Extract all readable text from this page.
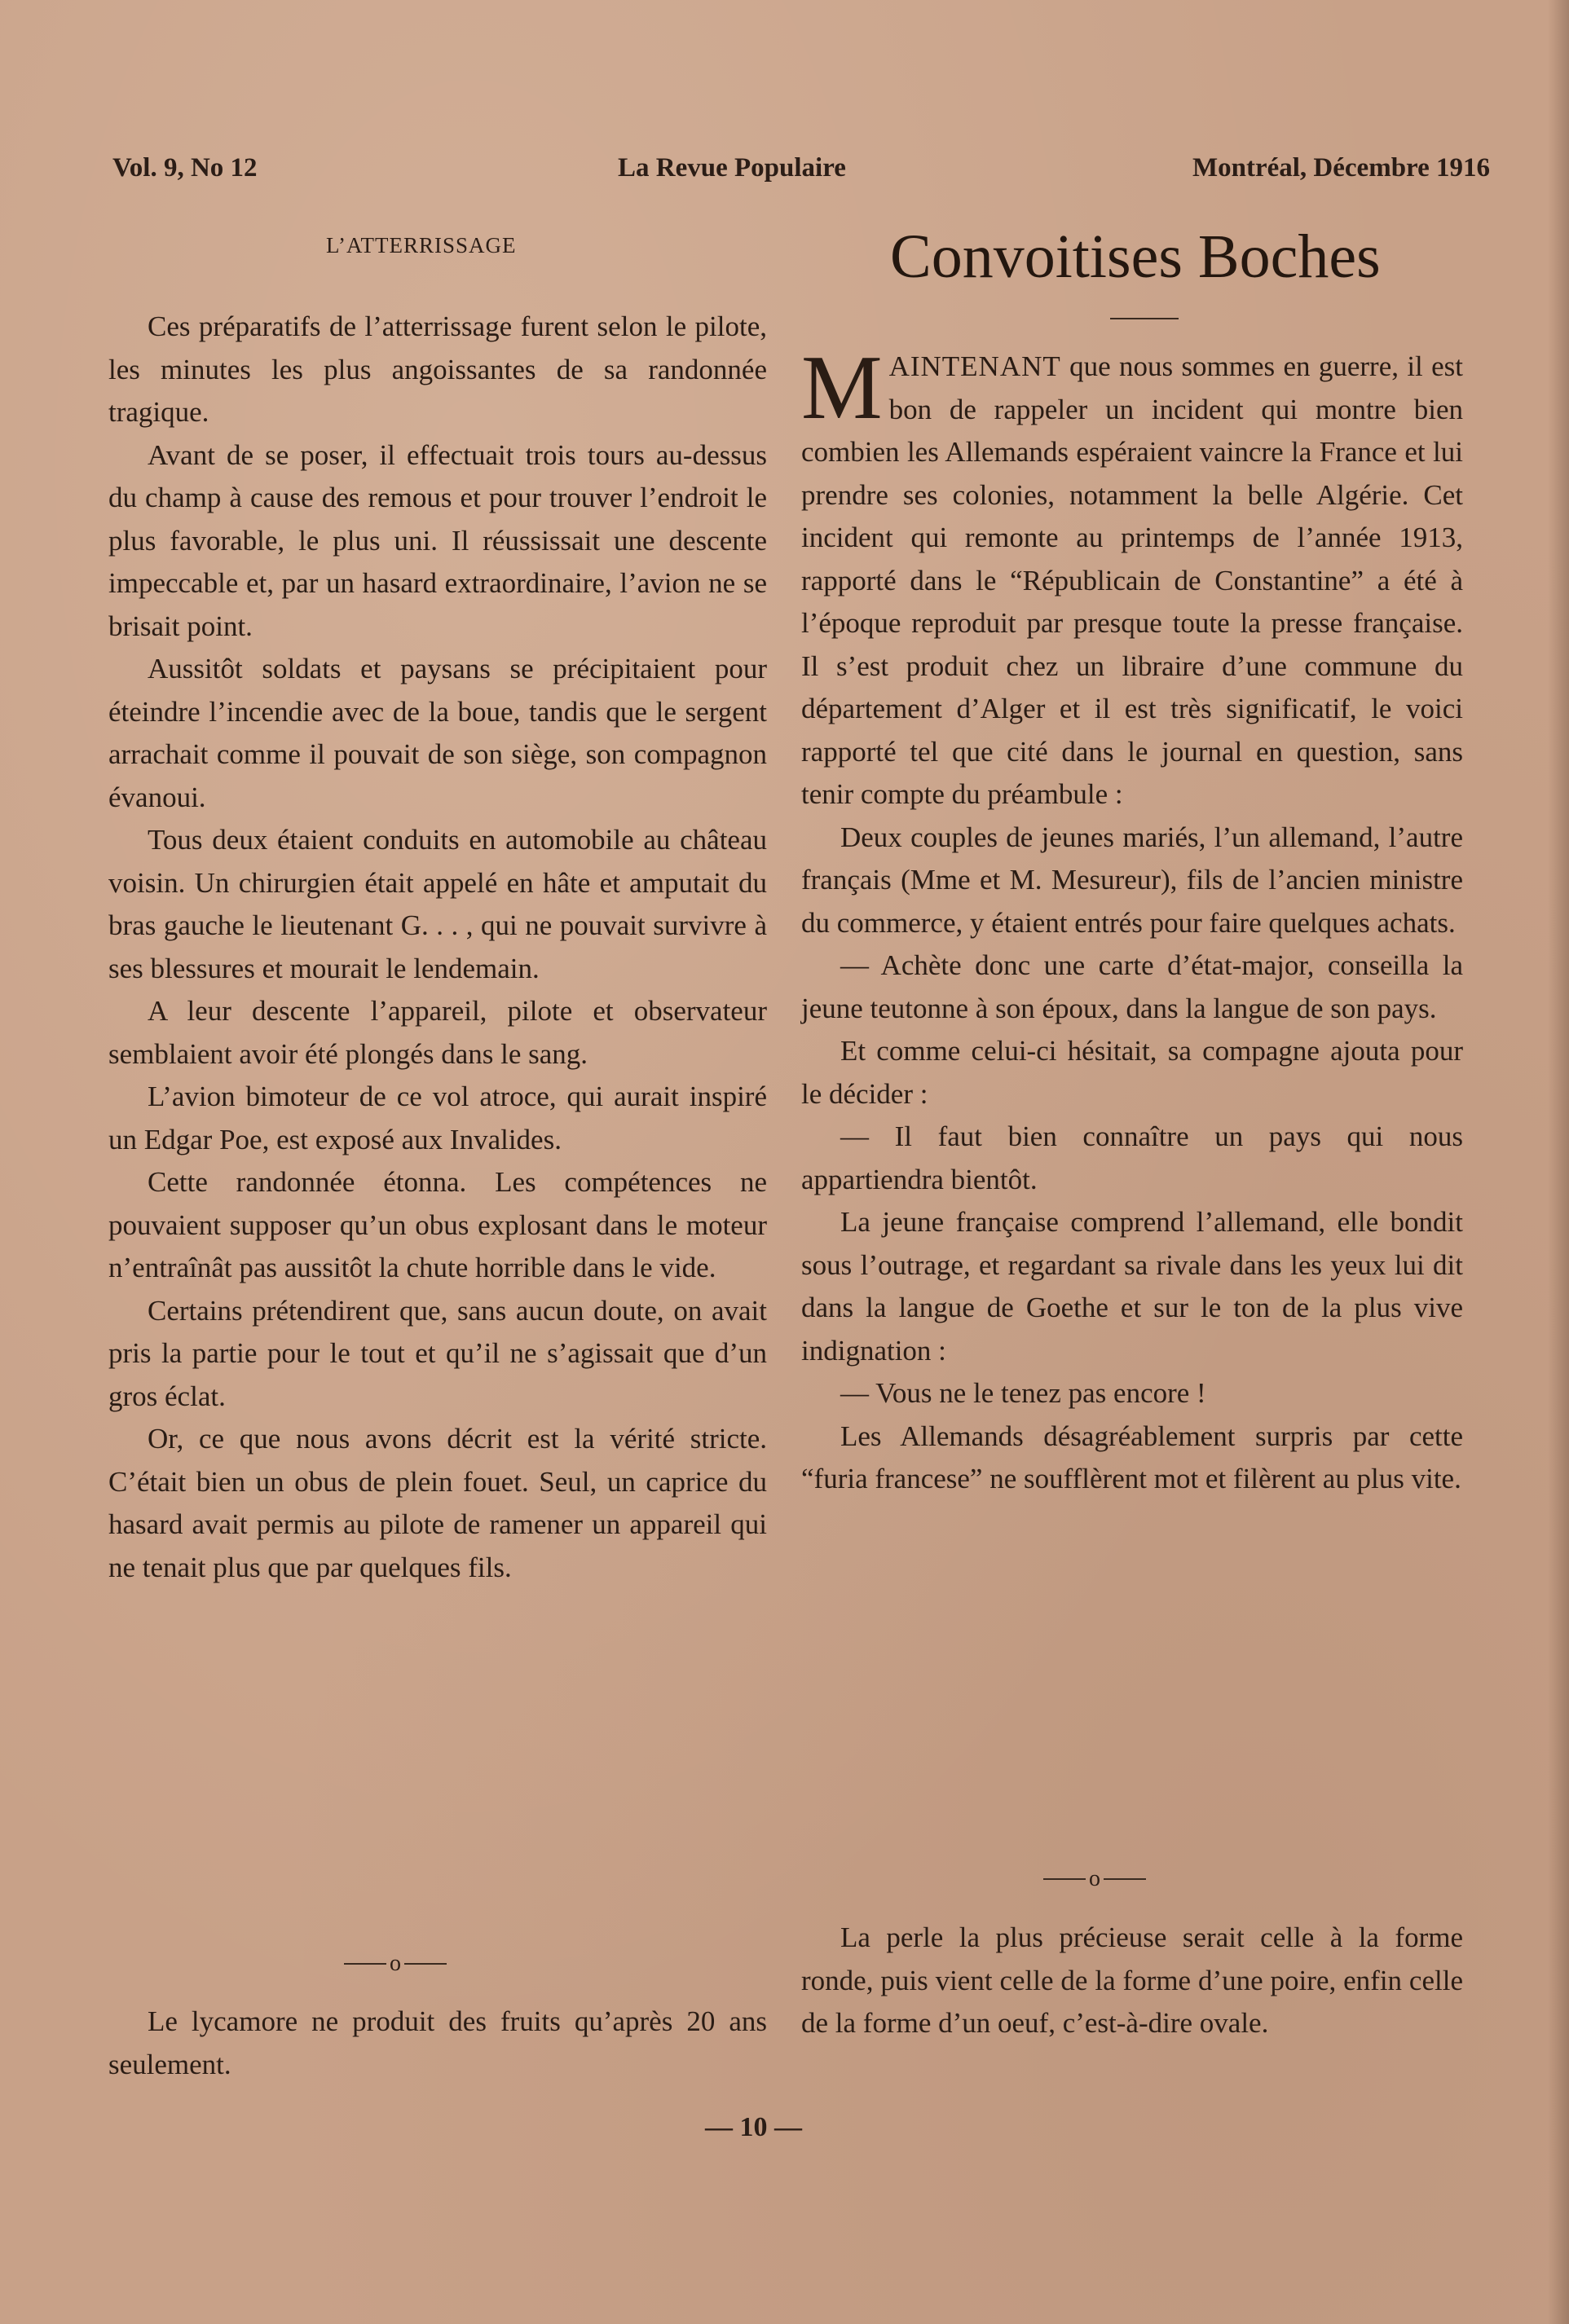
Vol. 9, No 12	La Revue Populaire	Montréal, Décembre 1916
L’ATTERRISSAGE

Ces préparatifs de l’atterrissage furent selon le pilote, les minutes les plus angoissantes de sa randonnée tragique.

Avant de se poser, il effectuait trois tours au-dessus du champ à cause des remous et pour trouver l’endroit le plus favorable, le plus uni. Il réussissait une descente impeccable et, par un hasard extraordinaire, l’avion ne se brisait point.

Aussitôt soldats et paysans se précipitaient pour éteindre l’incendie avec de la boue, tandis que le sergent arrachait comme il pouvait de son siège, son compagnon évanoui.

Tous deux étaient conduits en automobile au château voisin. Un chirurgien était appelé en hâte et amputait du bras gauche le lieutenant G. . . , qui ne pouvait survivre à ses blessures et mourait le lendemain.

A leur descente l’appareil, pilote et observateur semblaient avoir été plongés dans le sang.

L’avion bimoteur de ce vol atroce, qui aurait inspiré un Edgar Poe, est exposé aux Invalides.

Cette randonnée étonna. Les compétences ne pouvaient supposer qu’un obus explosant dans le moteur n’entraînât pas aussitôt la chute horrible dans le vide.

Certains prétendirent que, sans aucun doute, on avait pris la partie pour le tout et qu’il ne s’agissait que d’un gros éclat.

Or, ce que nous avons décrit est la vérité stricte. C’était bien un obus de plein fouet. Seul, un caprice du hasard avait permis au pilote de ramener un appareil qui ne tenait plus que par quelques fils.

o

Le lycamore ne produit des fruits qu’après 20 ans seulement.

Convoitises Boches

MAINTENANT que nous sommes en guerre, il est bon de rappeler un incident qui montre bien combien les Allemands espéraient vaincre la France et lui prendre ses colonies, notamment la belle Algérie. Cet incident qui remonte au printemps de l’année 1913, rapporté dans le “Républicain de Constantine” a été à l’époque reproduit par presque toute la presse française. Il s’est produit chez un libraire d’une commune du département d’Alger et il est très significatif, le voici rapporté tel que cité dans le journal en question, sans tenir compte du préambule :

Deux couples de jeunes mariés, l’un allemand, l’autre français (Mme et M. Mesureur), fils de l’ancien ministre du commerce, y étaient entrés pour faire quelques achats.

— Achète donc une carte d’état-major, conseilla la jeune teutonne à son époux, dans la langue de son pays.

Et comme celui-ci hésitait, sa compagne ajouta pour le décider :

— Il faut bien connaître un pays qui nous appartiendra bientôt.

La jeune française comprend l’allemand, elle bondit sous l’outrage, et regardant sa rivale dans les yeux lui dit dans la langue de Goethe et sur le ton de la plus vive indignation :

— Vous ne le tenez pas encore !

Les Allemands désagréablement surpris par cette “furia francese” ne soufflèrent mot et filèrent au plus vite.

o

La perle la plus précieuse serait celle à la forme ronde, puis vient celle de la forme d’une poire, enfin celle de la forme d’un oeuf, c’est-à-dire ovale.

— 10 —
